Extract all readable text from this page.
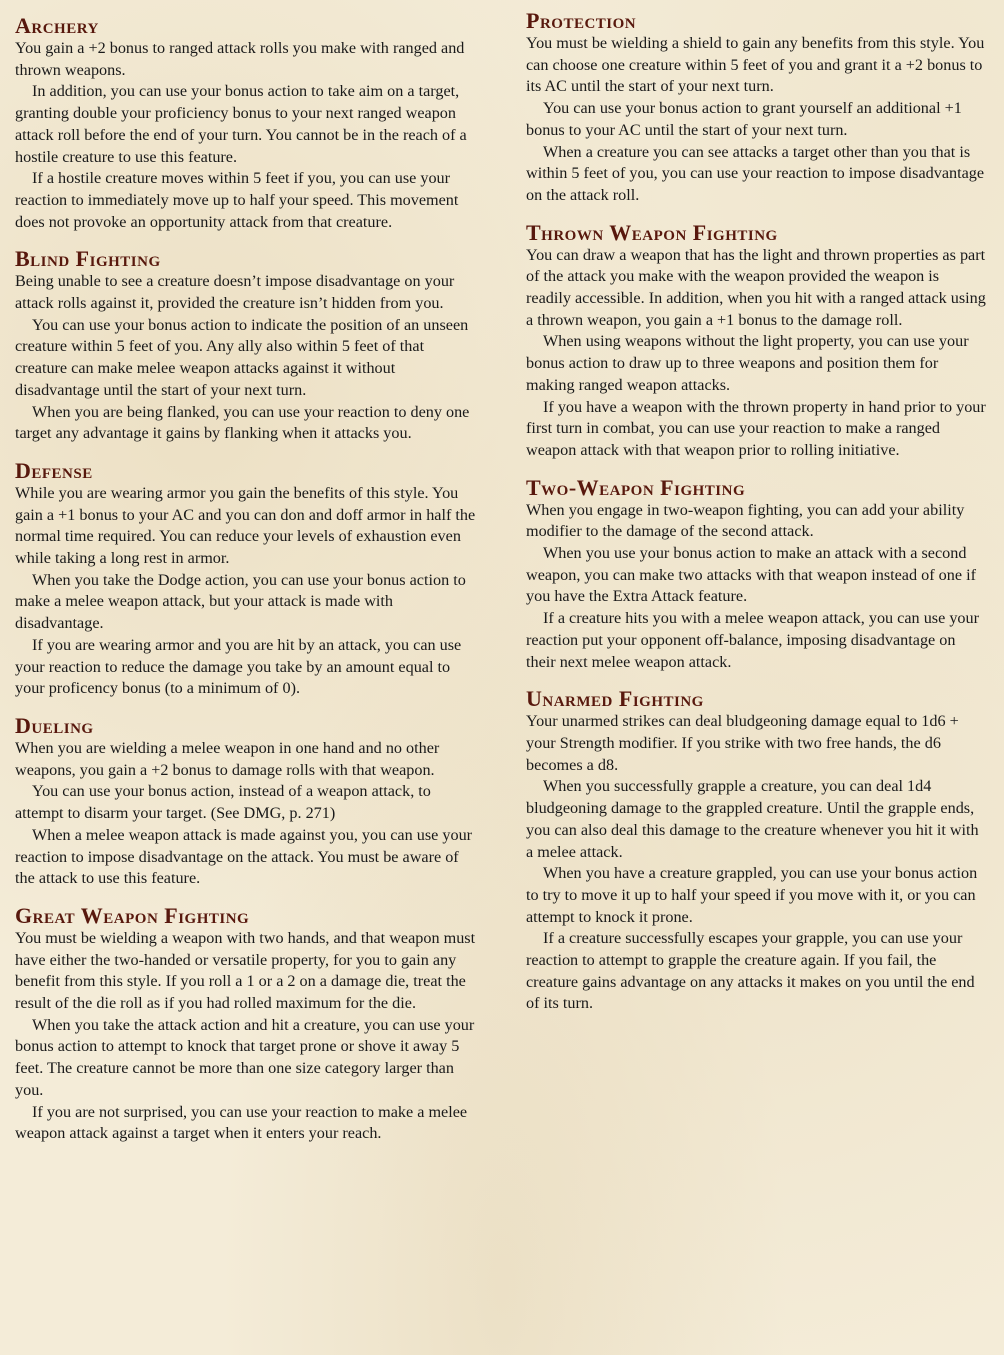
Archery

You gain a +2 bonus to ranged attack rolls you make with ranged and thrown weapons.

In addition, you can use your bonus action to take aim on a target, granting double your proficiency bonus to your next ranged weapon attack roll before the end of your turn. You cannot be in the reach of a hostile creature to use this feature.

If a hostile creature moves within 5 feet if you, you can use your reaction to immediately move up to half your speed. This movement does not provoke an opportunity attack from that creature.

Blind Fighting

Being unable to see a creature doesn’t impose disadvantage on your attack rolls against it, provided the creature isn’t hidden from you.

You can use your bonus action to indicate the position of an unseen creature within 5 feet of you. Any ally also within 5 feet of that creature can make melee weapon attacks against it without disadvantage until the start of your next turn.

When you are being flanked, you can use your reaction to deny one target any advantage it gains by flanking when it attacks you.

Defense

While you are wearing armor you gain the benefits of this style. You gain a +1 bonus to your AC and you can don and doff armor in half the normal time required. You can reduce your levels of exhaustion even while taking a long rest in armor.

When you take the Dodge action, you can use your bonus action to make a melee weapon attack, but your attack is made with disadvantage.

If you are wearing armor and you are hit by an attack, you can use your reaction to reduce the damage you take by an amount equal to your proficency bonus (to a minimum of 0).

Dueling

When you are wielding a melee weapon in one hand and no other weapons, you gain a +2 bonus to damage rolls with that weapon.

You can use your bonus action, instead of a weapon attack, to attempt to disarm your target. (See DMG, p. 271)

When a melee weapon attack is made against you, you can use your reaction to impose disadvantage on the attack. You must be aware of the attack to use this feature.

Great Weapon Fighting

You must be wielding a weapon with two hands, and that weapon must have either the two-handed or versatile property, for you to gain any benefit from this style. If you roll a 1 or a 2 on a damage die, treat the result of the die roll as if you had rolled maximum for the die.

When you take the attack action and hit a creature, you can use your bonus action to attempt to knock that target prone or shove it away 5 feet. The creature cannot be more than one size category larger than you.

If you are not surprised, you can use your reaction to make a melee weapon attack against a target when it enters your reach.

Protection

You must be wielding a shield to gain any benefits from this style. You can choose one creature within 5 feet of you and grant it a +2 bonus to its AC until the start of your next turn.

You can use your bonus action to grant yourself an additional +1 bonus to your AC until the start of your next turn.

When a creature you can see attacks a target other than you that is within 5 feet of you, you can use your reaction to impose disadvantage on the attack roll.

Thrown Weapon Fighting

You can draw a weapon that has the light and thrown properties as part of the attack you make with the weapon provided the weapon is readily accessible. In addition, when you hit with a ranged attack using a thrown weapon, you gain a +1 bonus to the damage roll.

When using weapons without the light property, you can use your bonus action to draw up to three weapons and position them for making ranged weapon attacks.

If you have a weapon with the thrown property in hand prior to your first turn in combat, you can use your reaction to make a ranged weapon attack with that weapon prior to rolling initiative.

Two-Weapon Fighting

When you engage in two-weapon fighting, you can add your ability modifier to the damage of the second attack.

When you use your bonus action to make an attack with a second weapon, you can make two attacks with that weapon instead of one if you have the Extra Attack feature.

If a creature hits you with a melee weapon attack, you can use your reaction put your opponent off-balance, imposing disadvantage on their next melee weapon attack.

Unarmed Fighting

Your unarmed strikes can deal bludgeoning damage equal to 1d6 + your Strength modifier. If you strike with two free hands, the d6 becomes a d8.

When you successfully grapple a creature, you can deal 1d4 bludgeoning damage to the grappled creature. Until the grapple ends, you can also deal this damage to the creature whenever you hit it with a melee attack.

When you have a creature grappled, you can use your bonus action to try to move it up to half your speed if you move with it, or you can attempt to knock it prone.

If a creature successfully escapes your grapple, you can use your reaction to attempt to grapple the creature again. If you fail, the creature gains advantage on any attacks it makes on you until the end of its turn.
